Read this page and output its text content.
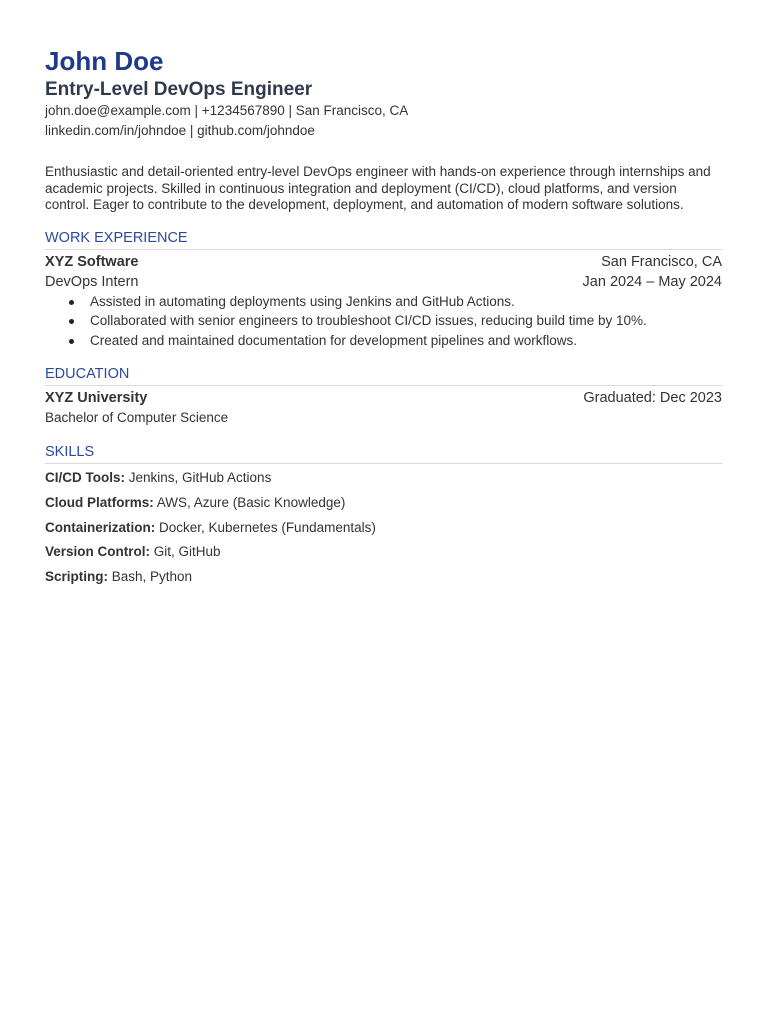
John Doe
Entry-Level DevOps Engineer
john.doe@example.com | +1234567890 | San Francisco, CA
linkedin.com/in/johndoe | github.com/johndoe

Enthusiastic and detail-oriented entry-level DevOps engineer with hands-on experience through internships and academic projects. Skilled in continuous integration and deployment (CI/CD), cloud platforms, and version control. Eager to contribute to the development, deployment, and automation of modern software solutions.

WORK EXPERIENCE
XYZ Software	San Francisco, CA
DevOps Intern	Jan 2024 – May 2024
Assisted in automating deployments using Jenkins and GitHub Actions.
Collaborated with senior engineers to troubleshoot CI/CD issues, reducing build time by 10%.
Created and maintained documentation for development pipelines and workflows.
EDUCATION
XYZ University	Graduated: Dec 2023
Bachelor of Computer Science
SKILLS
CI/CD Tools: Jenkins, GitHub Actions
Cloud Platforms: AWS, Azure (Basic Knowledge)
Containerization: Docker, Kubernetes (Fundamentals)
Version Control: Git, GitHub
Scripting: Bash, Python
